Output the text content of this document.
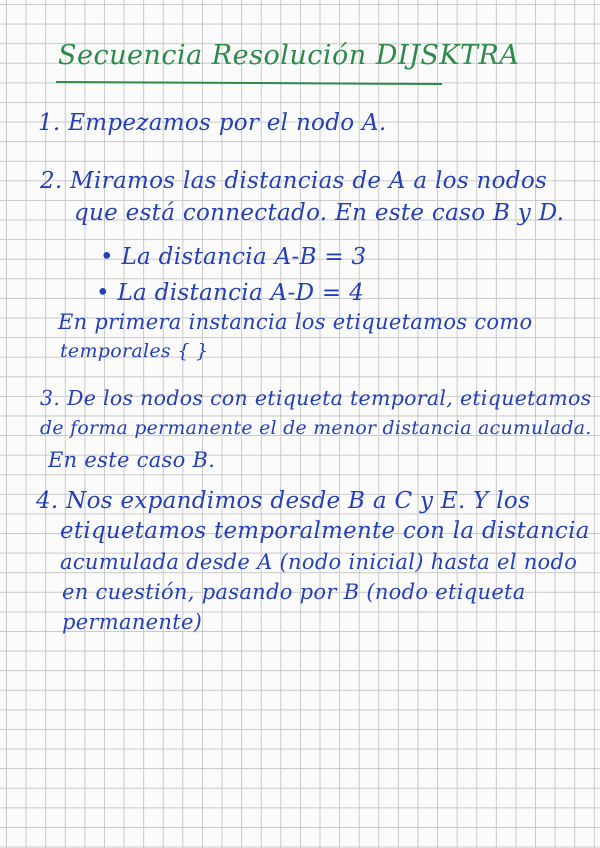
Secuencia Resolución DIJSKTRA
1. Empezamos por el nodo A.
2. Miramos las distancias de A a los nodos
que está connectado. En este caso B y D.
• La distancia A-B = 3
• La distancia A-D = 4
En primera instancia los etiquetamos como
temporales { }
3. De los nodos con etiqueta temporal, etiquetamos
de forma permanente el de menor distancia acumulada.
En este caso B.
4. Nos expandimos desde B a C y E. Y los
etiquetamos temporalmente con la distancia
acumulada desde A (nodo inicial) hasta el nodo
en cuestión, pasando por B (nodo etiqueta
permanente)
